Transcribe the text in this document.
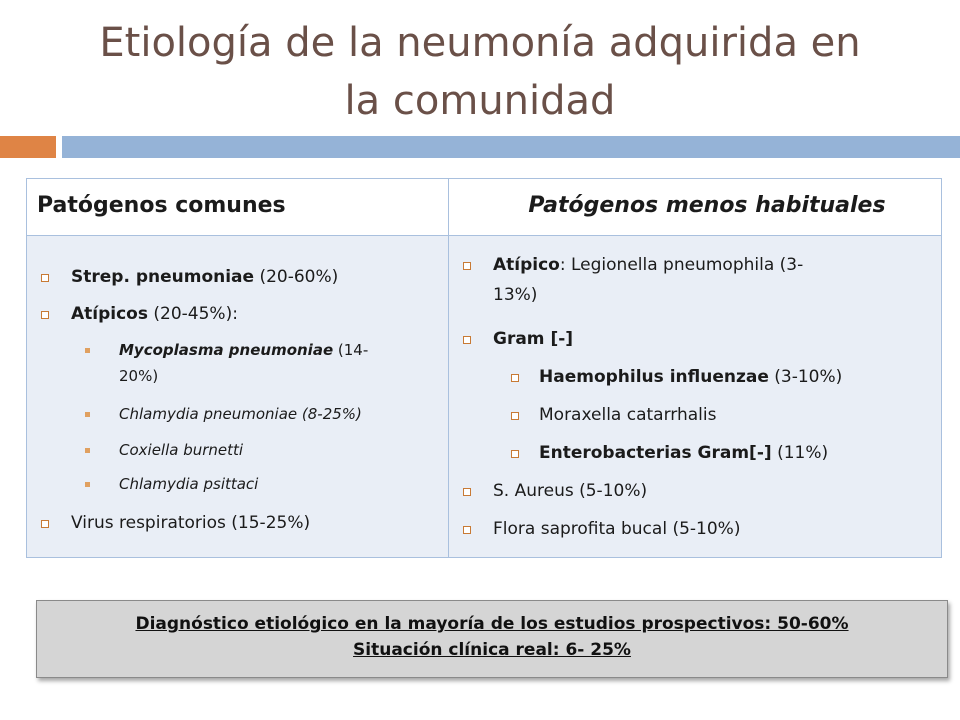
Etiología de la neumonía adquirida en
la comunidad
Patógenos comunes	Patógenos menos habituales
Strep. pneumoniae (20-60%)
Atípicos (20-45%):
Mycoplasma pneumoniae (14-
20%)
Chlamydia pneumoniae (8-25%)
Coxiella burnetti
Chlamydia psittaci
Virus respiratorios (15-25%)
Atípico: Legionella pneumophila (3-
13%)
Gram [-]
Haemophilus influenzae (3-10%)
Moraxella catarrhalis
Enterobacterias Gram[-] (11%)
S. Aureus (5-10%)
Flora saprofita bucal (5-10%)
Diagnóstico etiológico en la mayoría de los estudios prospectivos: 50-60%
Situación clínica real: 6- 25%
